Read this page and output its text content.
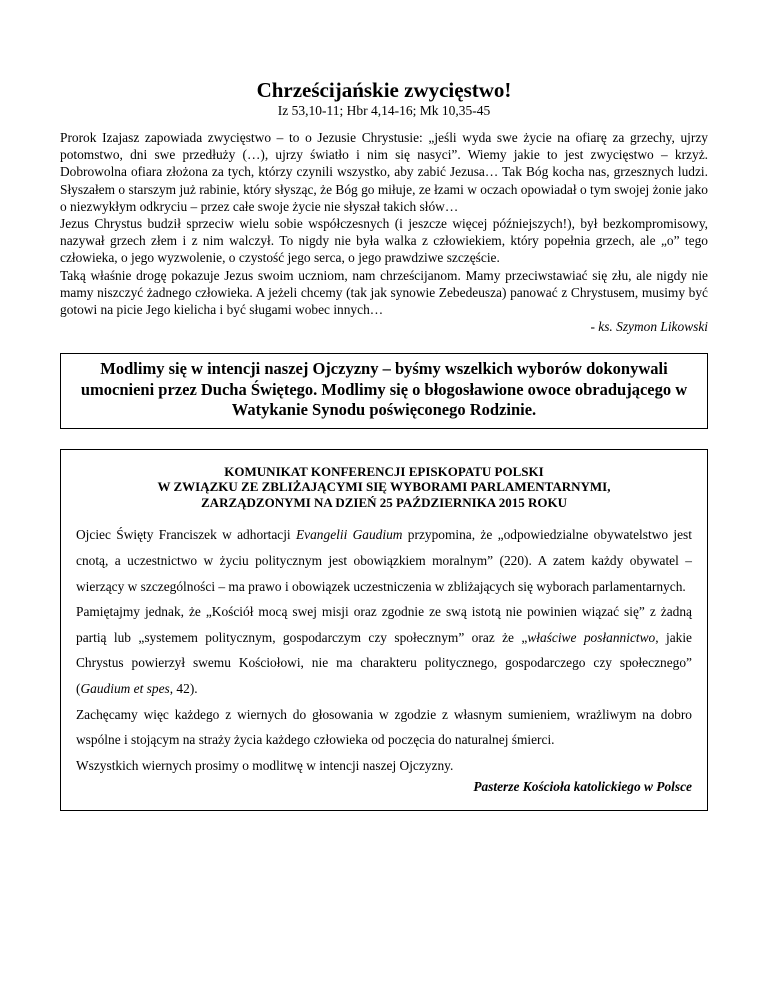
Chrześcijańskie zwycięstwo!
Iz 53,10-11; Hbr 4,14-16; Mk 10,35-45

Prorok Izajasz zapowiada zwycięstwo – to o Jezusie Chrystusie: „jeśli wyda swe życie na ofiarę za grzechy, ujrzy potomstwo, dni swe przedłuży (…), ujrzy światło i nim się nasyci”. Wiemy jakie to jest zwycięstwo – krzyż. Dobrowolna ofiara złożona za tych, którzy czynili wszystko, aby zabić Jezusa… Tak Bóg kocha nas, grzesznych ludzi. Słyszałem o starszym już rabinie, który słysząc, że Bóg go miłuje, ze łzami w oczach opowiadał o tym swojej żonie jako o niezwykłym odkryciu – przez całe swoje życie nie słyszał takich słów…

Jezus Chrystus budził sprzeciw wielu sobie współczesnych (i jeszcze więcej późniejszych!), był bezkompromisowy, nazywał grzech złem i z nim walczył. To nigdy nie była walka z człowiekiem, który popełnia grzech, ale „o” tego człowieka, o jego wyzwolenie, o czystość jego serca, o jego prawdziwe szczęście.

Taką właśnie drogę pokazuje Jezus swoim uczniom, nam chrześcijanom. Mamy przeciwstawiać się złu, ale nigdy nie mamy niszczyć żadnego człowieka. A jeżeli chcemy (tak jak synowie Zebedeusza) panować z Chrystusem, musimy być gotowi na picie Jego kielicha i być sługami wobec innych…

- ks. Szymon Likowski

Modlimy się w intencji naszej Ojczyzny – byśmy wszelkich wyborów dokonywali umocnieni przez Ducha Świętego. Modlimy się o błogosławione owoce obradującego w Watykanie Synodu poświęconego Rodzinie.
KOMUNIKAT KONFERENCJI EPISKOPATU POLSKI
W ZWIĄZKU ZE ZBLIŻAJĄCYMI SIĘ WYBORAMI PARLAMENTARNYMI,
ZARZĄDZONYMI NA DZIEŃ 25 PAŹDZIERNIKA 2015 ROKU

Ojciec Święty Franciszek w adhortacji Evangelii Gaudium przypomina, że „odpowiedzialne obywatelstwo jest cnotą, a uczestnictwo w życiu politycznym jest obowiązkiem moralnym” (220). A zatem każdy obywatel – wierzący w szczególności – ma prawo i obowiązek uczestniczenia w zbliżających się wyborach parlamentarnych.

Pamiętajmy jednak, że „Kościół mocą swej misji oraz zgodnie ze swą istotą nie powinien wiązać się” z żadną partią lub „systemem politycznym, gospodarczym czy społecznym” oraz że „właściwe posłannictwo, jakie Chrystus powierzył swemu Kościołowi, nie ma charakteru politycznego, gospodarczego czy społecznego” (Gaudium et spes, 42).

Zachęcamy więc każdego z wiernych do głosowania w zgodzie z własnym sumieniem, wrażliwym na dobro wspólne i stojącym na straży życia każdego człowieka od poczęcia do naturalnej śmierci.

Wszystkich wiernych prosimy o modlitwę w intencji naszej Ojczyzny.

Pasterze Kościoła katolickiego w Polsce
